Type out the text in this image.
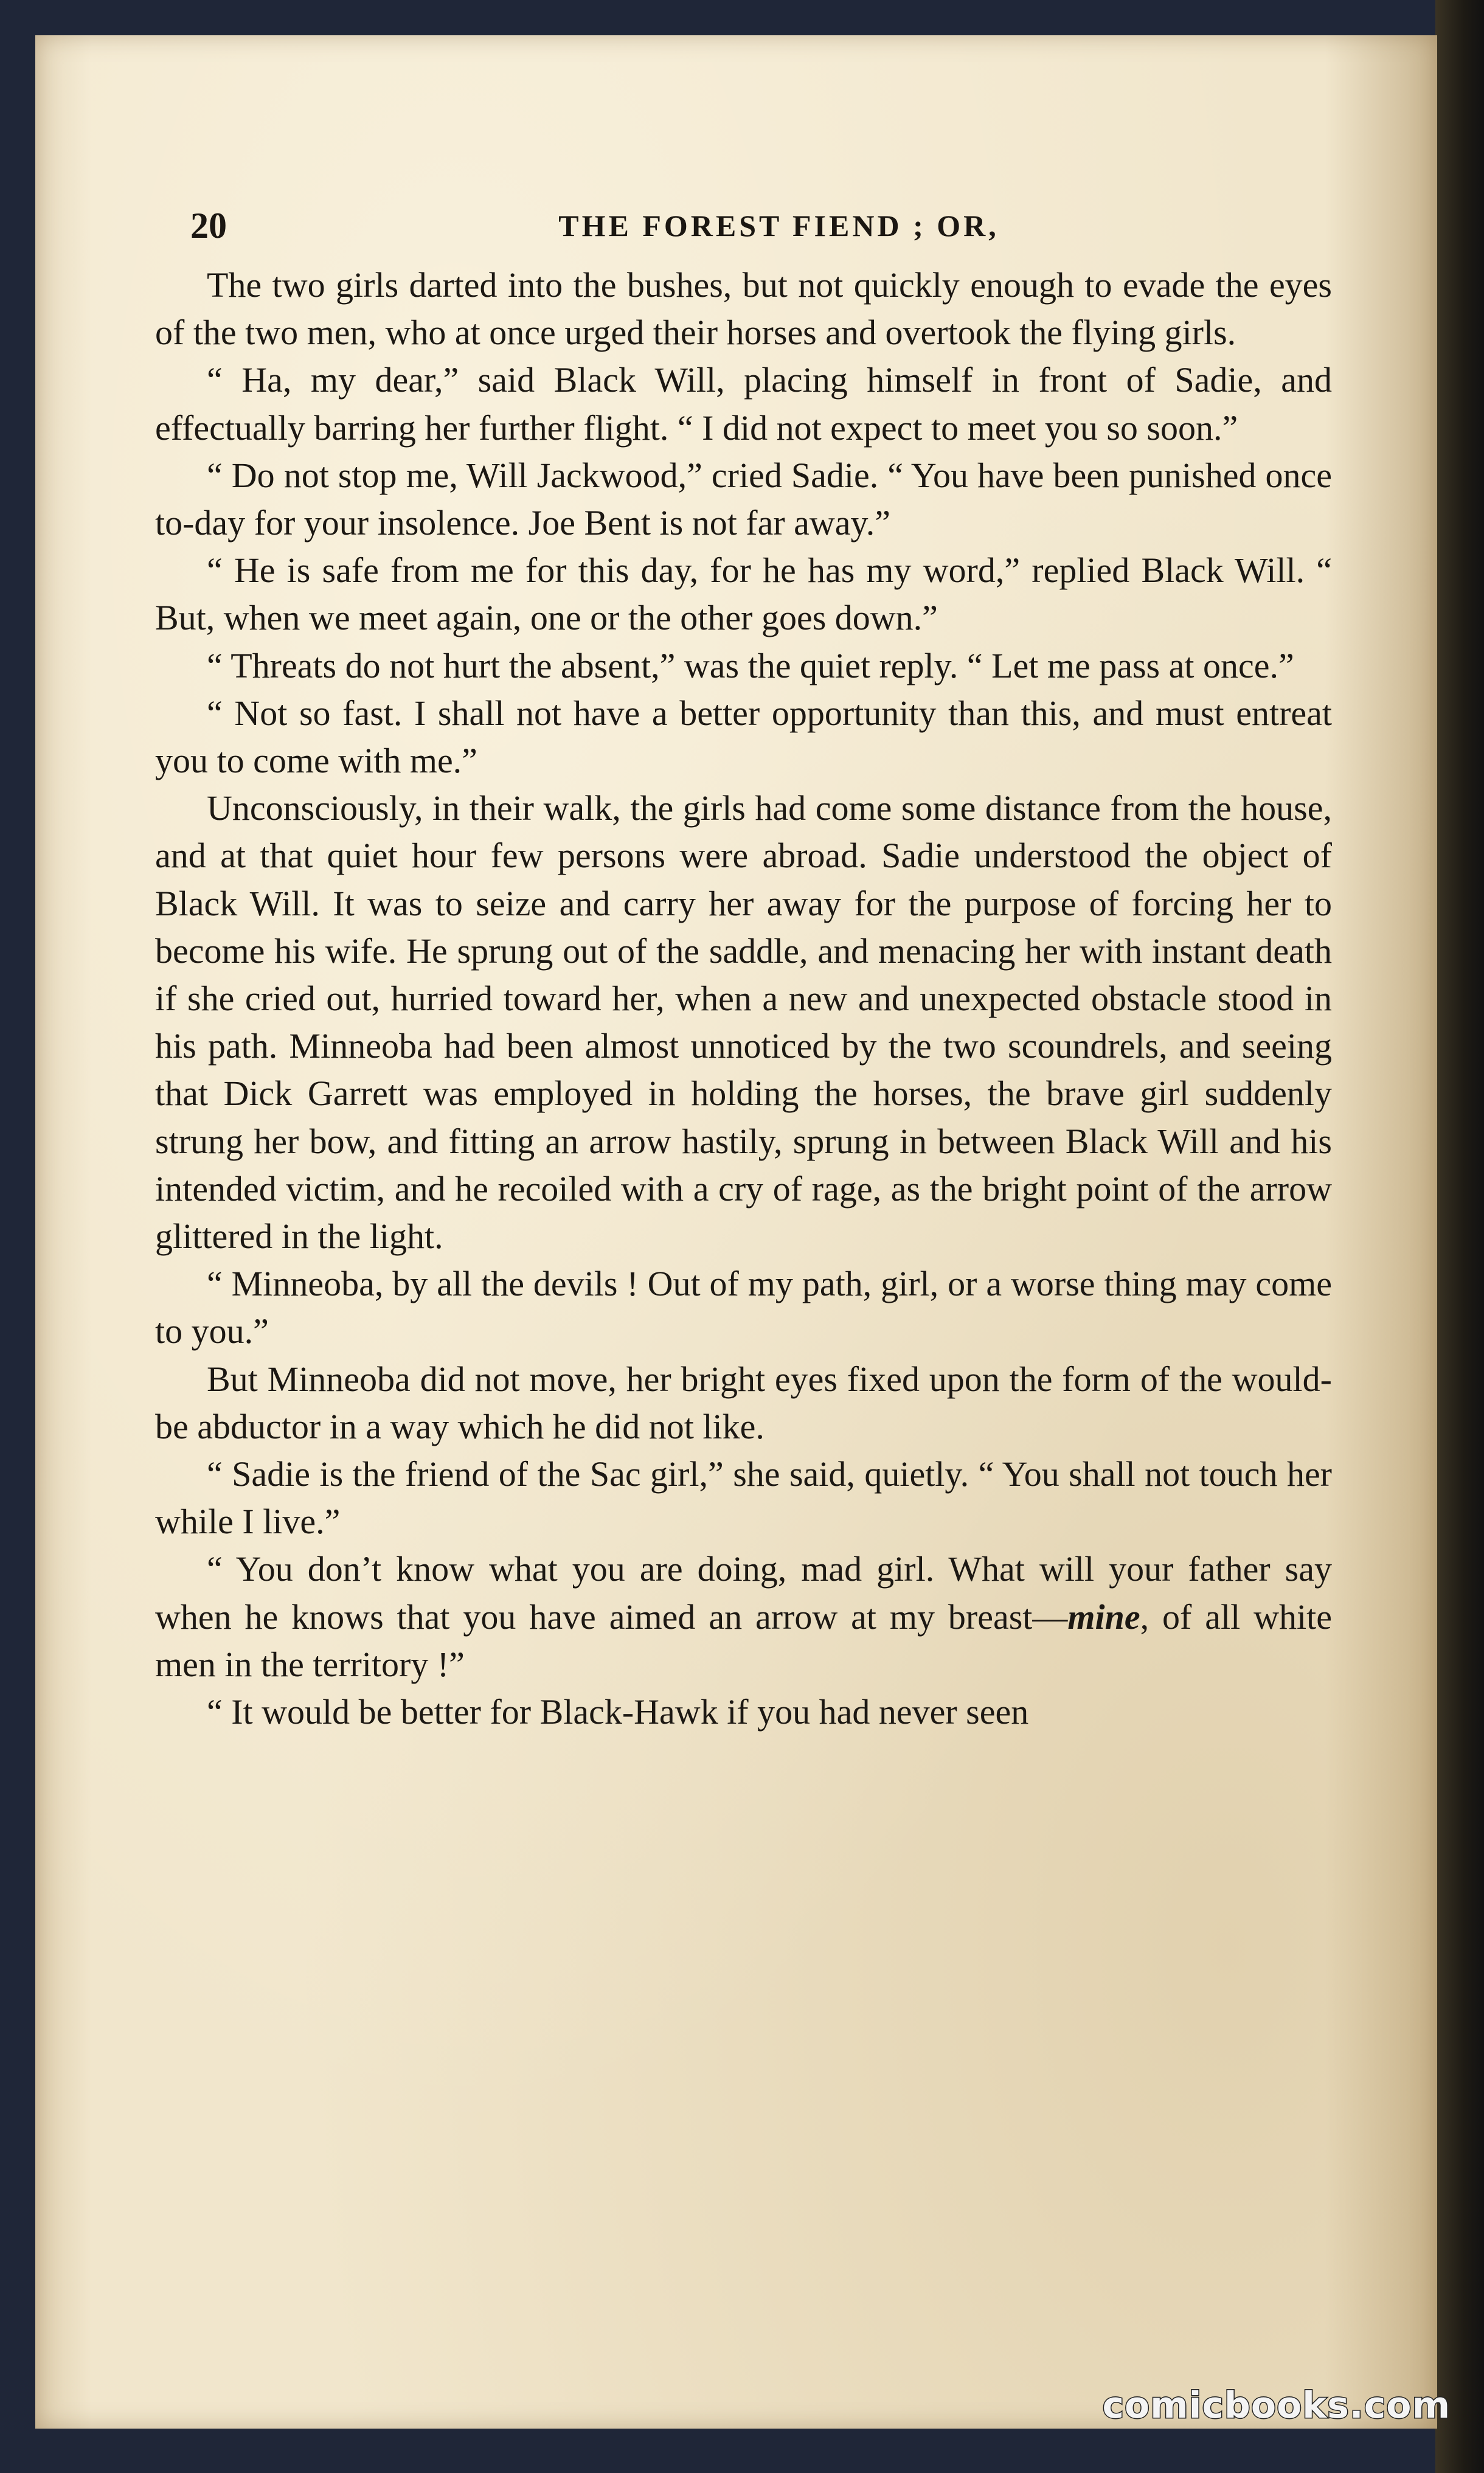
20	THE FOREST FIEND ; OR,

The two girls darted into the bushes, but not quickly enough to evade the eyes of the two men, who at once urged their horses and overtook the flying girls.

“ Ha, my dear,” said Black Will, placing himself in front of Sadie, and effectually barring her further flight. “ I did not expect to meet you so soon.”

“ Do not stop me, Will Jackwood,” cried Sadie. “ You have been punished once to-day for your insolence. Joe Bent is not far away.”

“ He is safe from me for this day, for he has my word,” replied Black Will. “ But, when we meet again, one or the other goes down.”

“ Threats do not hurt the absent,” was the quiet reply. “ Let me pass at once.”

“ Not so fast. I shall not have a better opportunity than this, and must entreat you to come with me.”

Unconsciously, in their walk, the girls had come some distance from the house, and at that quiet hour few persons were abroad. Sadie understood the object of Black Will. It was to seize and carry her away for the purpose of forcing her to become his wife. He sprung out of the saddle, and menacing her with instant death if she cried out, hurried toward her, when a new and unexpected obstacle stood in his path. Minneoba had been almost unnoticed by the two scoundrels, and seeing that Dick Garrett was employed in holding the horses, the brave girl suddenly strung her bow, and fitting an arrow hastily, sprung in between Black Will and his intended victim, and he recoiled with a cry of rage, as the bright point of the arrow glittered in the light.

“ Minneoba, by all the devils ! Out of my path, girl, or a worse thing may come to you.”

But Minneoba did not move, her bright eyes fixed upon the form of the would-be abductor in a way which he did not like.

“ Sadie is the friend of the Sac girl,” she said, quietly. “ You shall not touch her while I live.”

“ You don’t know what you are doing, mad girl. What will your father say when he knows that you have aimed an arrow at my breast—mine, of all white men in the territory !”

“ It would be better for Black-Hawk if you had never seen

comicbooks.com
